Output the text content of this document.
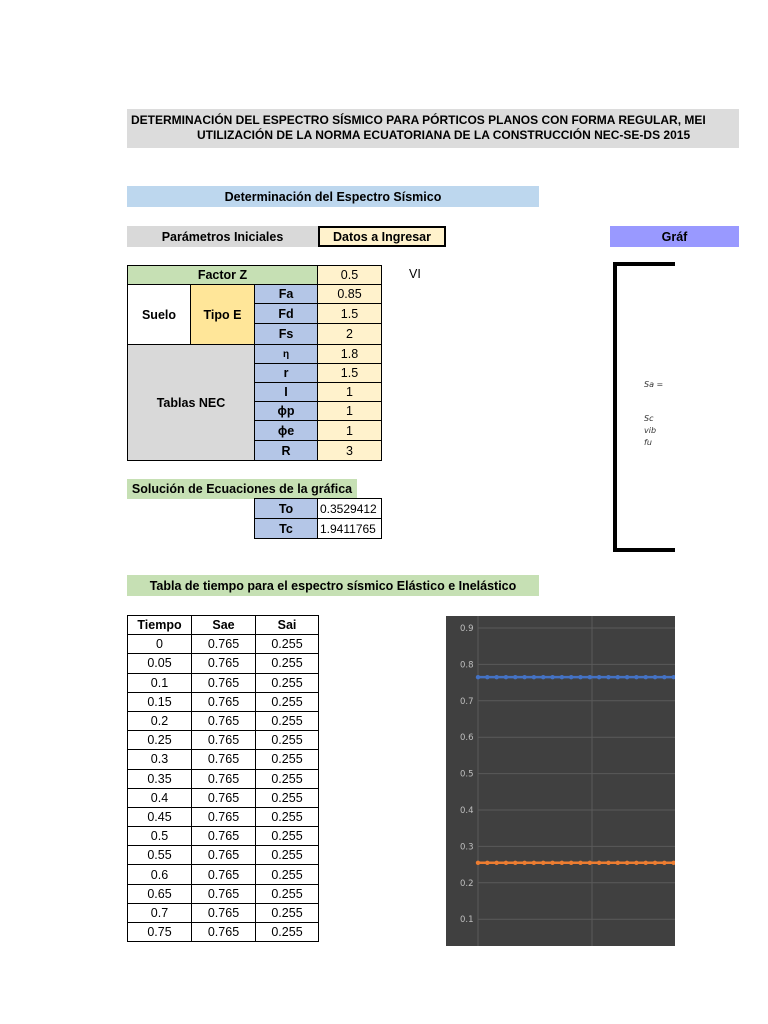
DETERMINACIÓN DEL ESPECTRO SÍSMICO PARA PÓRTICOS PLANOS CON FORMA REGULAR, MEI
UTILIZACIÓN DE LA NORMA ECUATORIANA DE LA CONSTRUCCIÓN NEC-SE-DS 2015
Determinación del Espectro Sísmico
Parámetros Iniciales	Datos a Ingresar	Gráf
Factor Z	0.5	VI
Suelo	Tipo E
Tablas NEC
Fa	0.85
Fd	1.5
Fs	2
η	1.8
r	1.5
I	1
ϕp	1
ϕe	1
R	3
Solución de Ecuaciones de la gráfica
To	0.3529412
Tc	1.9411765
Sa =
Sc
vib
fu
Tabla de tiempo para el espectro sísmico Elástico e Inelástico
Tiempo	Sae	Sai
0	0.765	0.255
0.05	0.765	0.255
0.1	0.765	0.255
0.15	0.765	0.255
0.2	0.765	0.255
0.25	0.765	0.255
0.3	0.765	0.255
0.35	0.765	0.255
0.4	0.765	0.255
0.45	0.765	0.255
0.5	0.765	0.255
0.55	0.765	0.255
0.6	0.765	0.255
0.65	0.765	0.255
0.7	0.765	0.255
0.75	0.765	0.255
0.1
0.2
0.3
0.4
0.5
0.6
0.7
0.8
0.9
